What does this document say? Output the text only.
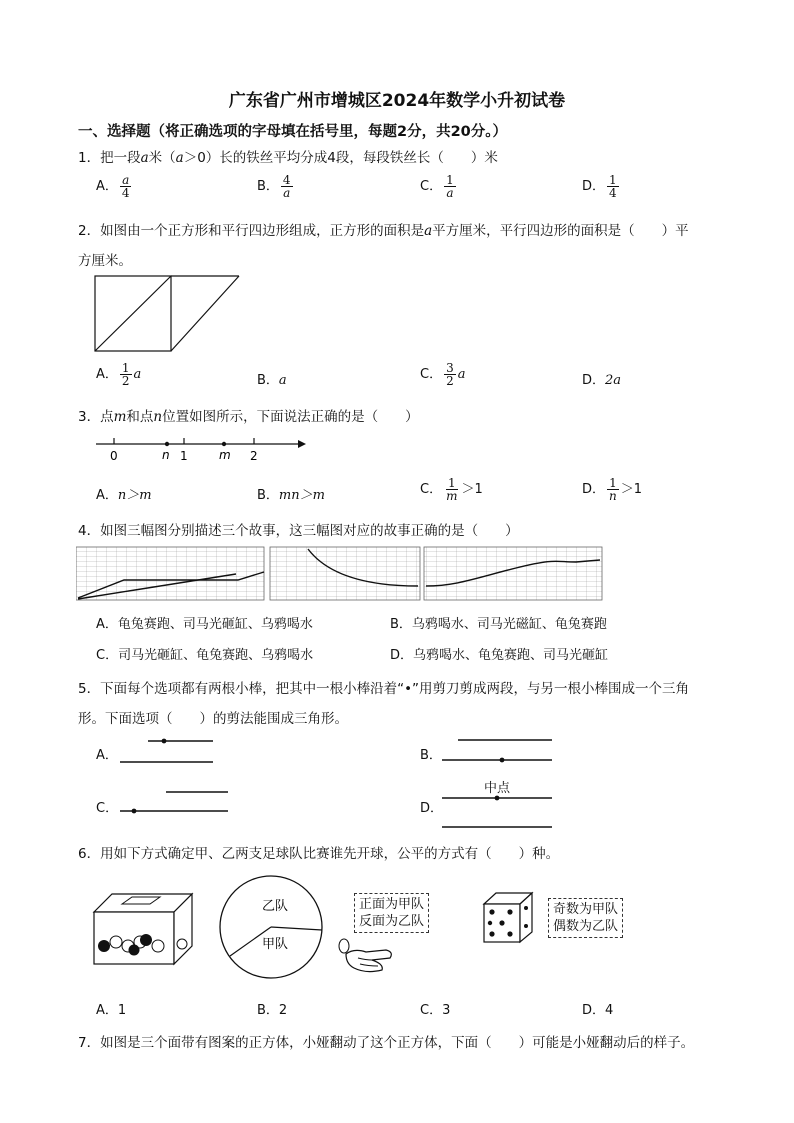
广东省广州市增城区2024年数学小升初试卷
一、选择题（将正确选项的字母填在括号里，每题2分，共20分。）
1．把一段a米（a＞0）长的铁丝平均分成4段，每段铁丝长（　　）米
A． $\frac{a}{4}$	B． $\frac{4}{a}$	C． $\frac{1}{a}$	D． $\frac{1}{4}$
2．如图由一个正方形和平行四边形组成，正方形的面积是a平方厘米，平行四边形的面积是（　　）平
方厘米。
A． $\frac{1}{2}$ a	B．a	C． $\frac{3}{2}$ a	D．2a
3．点m和点n位置如图所示，下面说法正确的是（　　）
0	n 1	m 2
A．n＞m	B．mn＞m	C． $\frac{1}{m} >1$	D． $\frac{1}{n} >1$
4．如图三幅图分别描述三个故事，这三幅图对应的故事正确的是（　　）
A．龟兔赛跑、司马光砸缸、乌鸦喝水	B．乌鸦喝水、司马光磁缸、龟兔赛跑
C．司马光砸缸、龟兔赛跑、乌鸦喝水	D．乌鸦喝水、龟兔赛跑、司马光砸缸
5．下面每个选项都有两根小棒，把其中一根小棒沿着“•”用剪刀剪成两段，与另一根小棒围成一个三角
形。下面选项（　　）的剪法能围成三角形。
A．	B．
C．	D．
中点
6．用如下方式确定甲、乙两支足球队比赛谁先开球，公平的方式有（　　）种。
乙队
甲队
正面为甲队
反面为乙队
奇数为甲队
偶数为乙队
A．1	B．2	C．3	D．4
7．如图是三个面带有图案的正方体，小娅翻动了这个正方体，下面（　　）可能是小娅翻动后的样子。
